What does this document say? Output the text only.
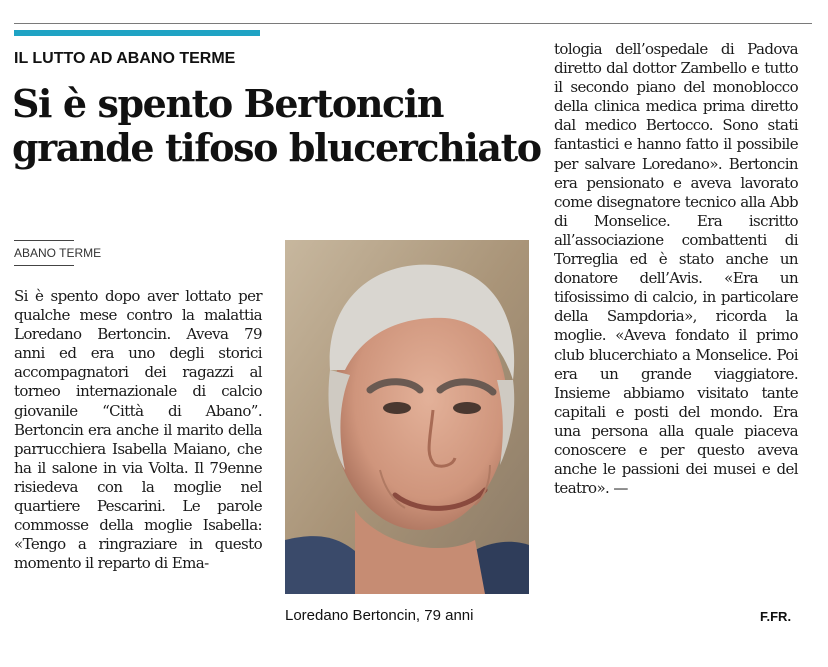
IL LUTTO AD ABANO TERME
Si è spento Bertoncin grande tifoso blucerchiato
ABANO TERME

Si è spento dopo aver lottato per qualche mese contro la malattia Loredano Bertoncin. Aveva 79 anni ed era uno degli storici accompagnatori dei ragazzi al torneo internazionale di calcio giovanile “Città di Abano”. Bertoncin era anche il marito della parrucchiera Isabella Maiano, che ha il salone in via Volta. Il 79enne risiedeva con la moglie nel quartiere Pescarini. Le parole commosse della moglie Isabella: «Tengo a ringraziare in questo momento il reparto di Ema-

Loredano Bertoncin, 79 anni

tologia dell’ospedale di Padova diretto dal dottor Zambello e tutto il secondo piano del monoblocco della clinica medica prima diretto dal medico Bertocco. Sono stati fantastici e hanno fatto il possibile per salvare Loredano». Bertoncin era pensionato e aveva lavorato come disegnatore tecnico alla Abb di Monselice. Era iscritto all’associazione combattenti di Torreglia ed è stato anche un donatore dell’Avis. «Era un tifosissimo di calcio, in particolare della Sampdoria», ricorda la moglie. «Aveva fondato il primo club blucerchiato a Monselice. Poi era un grande viaggiatore. Insieme abbiamo visitato tante capitali e posti del mondo. Era una persona alla quale piaceva conoscere e per questo aveva anche le passioni dei musei e del teatro». —

F.FR.
